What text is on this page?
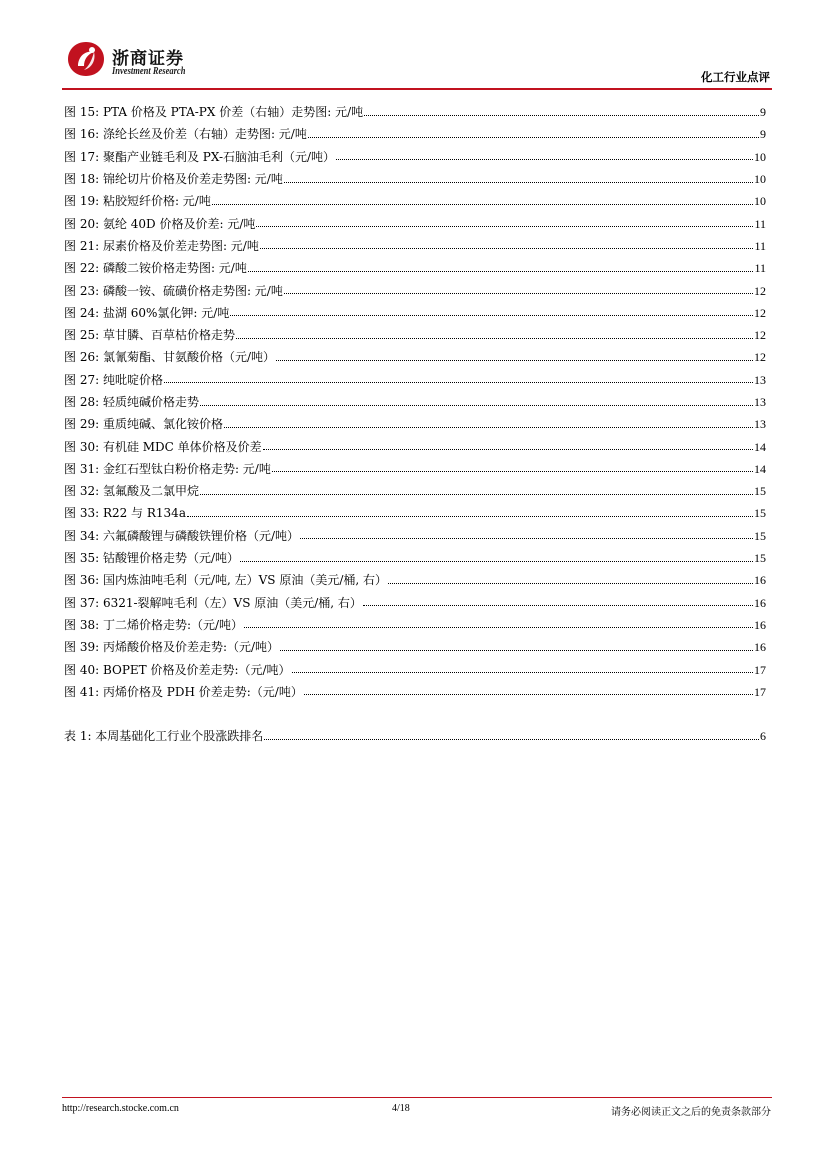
浙商证券
Investment Research	化工行业点评
图 15: PTA 价格及 PTA-PX 价差（右轴）走势图: 元/吨	9
图 16: 涤纶长丝及价差（右轴）走势图: 元/吨	9
图 17: 聚酯产业链毛利及 PX-石脑油毛利（元/吨）	10
图 18: 锦纶切片价格及价差走势图: 元/吨	10
图 19: 粘胶短纤价格: 元/吨	10
图 20: 氨纶 40D 价格及价差: 元/吨	11
图 21: 尿素价格及价差走势图: 元/吨	11
图 22: 磷酸二铵价格走势图: 元/吨	11
图 23: 磷酸一铵、硫磺价格走势图: 元/吨	12
图 24: 盐湖 60%氯化钾: 元/吨	12
图 25: 草甘膦、百草枯价格走势	12
图 26: 氯氰菊酯、甘氨酸价格（元/吨）	12
图 27: 纯吡啶价格	13
图 28: 轻质纯碱价格走势	13
图 29: 重质纯碱、氯化铵价格	13
图 30: 有机硅 MDC 单体价格及价差	14
图 31: 金红石型钛白粉价格走势: 元/吨	14
图 32: 氢氟酸及二氯甲烷	15
图 33: R22 与 R134a	15
图 34: 六氟磷酸锂与磷酸铁锂价格（元/吨）	15
图 35: 钴酸锂价格走势（元/吨）	15
图 36: 国内炼油吨毛利（元/吨, 左）VS 原油（美元/桶, 右）	16
图 37: 6321-裂解吨毛利（左）VS 原油（美元/桶, 右）	16
图 38: 丁二烯价格走势:（元/吨）	16
图 39: 丙烯酸价格及价差走势:（元/吨）	16
图 40: BOPET 价格及价差走势:（元/吨）	17
图 41: 丙烯价格及 PDH 价差走势:（元/吨）	17
表 1: 本周基础化工行业个股涨跌排名	6
http://research.stocke.com.cn	4/18	请务必阅读正文之后的免责条款部分
